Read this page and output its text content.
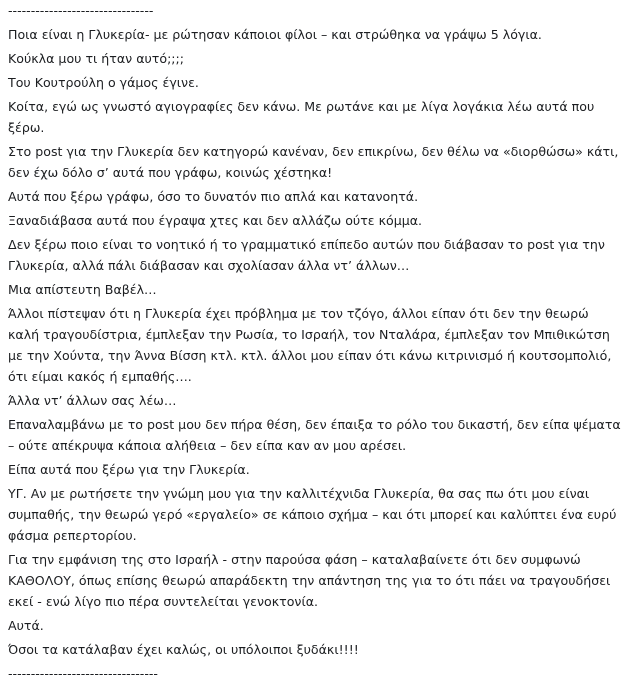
--------------------------------

Ποια είναι η Γλυκερία- με ρώτησαν κάποιοι φίλοι – και στρώθηκα να γράψω 5 λόγια.

Κούκλα μου τι ήταν αυτό;;;;

Του Κουτρούλη ο γάμος έγινε.

Κοίτα, εγώ ως γνωστό αγιογραφίες δεν κάνω. Με ρωτάνε και με λίγα λογάκια λέω αυτά που ξέρω.

Στο post για την Γλυκερία δεν κατηγορώ κανέναν, δεν επικρίνω, δεν θέλω να «διορθώσω» κάτι, δεν έχω δόλο σ’ αυτά που γράφω, κοινώς χέστηκα!

Αυτά που ξέρω γράφω, όσο το δυνατόν πιο απλά και κατανοητά.

Ξαναδιάβασα αυτά που έγραψα χτες και δεν αλλάζω ούτε κόμμα.

Δεν ξέρω ποιο είναι το νοητικό ή το γραμματικό επίπεδο αυτών που διάβασαν το post για την Γλυκερία, αλλά πάλι διάβασαν και σχολίασαν άλλα ντ’ άλλων…

Μια απίστευτη Βαβέλ…

Άλλοι πίστεψαν ότι η Γλυκερία έχει πρόβλημα με τον τζόγο, άλλοι είπαν ότι δεν την θεωρώ καλή τραγουδίστρια, έμπλεξαν την Ρωσία, το Ισραήλ, τον Νταλάρα, έμπλεξαν τον Μπιθικώτση με την Χούντα, την Άννα Βίσση κτλ. κτλ. άλλοι μου είπαν ότι κάνω κιτρινισμό ή κουτσομπολιό, ότι είμαι κακός ή εμπαθής….

Άλλα ντ’ άλλων σας λέω…

Επαναλαμβάνω με το post μου δεν πήρα θέση, δεν έπαιξα το ρόλο του δικαστή, δεν είπα ψέματα – ούτε απέκρυψα κάποια αλήθεια – δεν είπα καν αν μου αρέσει.

Είπα αυτά που ξέρω για την Γλυκερία.

ΥΓ. Αν με ρωτήσετε την γνώμη μου για την καλλιτέχνιδα Γλυκερία, θα σας πω ότι μου είναι συμπαθής, την θεωρώ γερό «εργαλείο» σε κάποιο σχήμα – και ότι μπορεί και καλύπτει ένα ευρύ φάσμα ρεπερτορίου.

Για την εμφάνιση της στο Ισραήλ - στην παρούσα φάση – καταλαβαίνετε ότι δεν συμφωνώ ΚΑΘΟΛΟΥ, όπως επίσης θεωρώ απαράδεκτη την απάντηση της για το ότι πάει να τραγουδήσει εκεί - ενώ λίγο πιο πέρα συντελείται γενοκτονία.

Αυτά.

Όσοι τα κατάλαβαν έχει καλώς, οι υπόλοιποι ξυδάκι!!!!

---------------------------------
